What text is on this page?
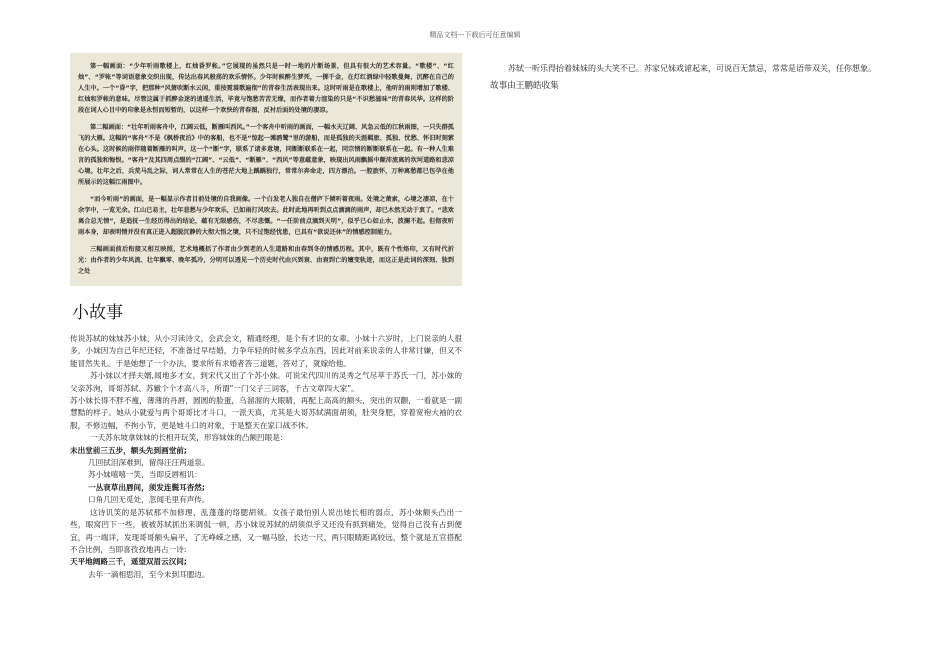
精品文档---下载后可任意编辑

第一幅画面：“少年听雨歌楼上，红烛昏罗帐。”它展现的虽然只是一时一地的片断场景，但具有很大的艺术容量。“歌楼”、“红烛”、“罗帐”等词语意象交织出现，传达出春风般荡的欢乐情怀。少年时候醉生梦死，一掷千金，在灯红酒绿中轻歌曼舞，沉醉在自己的人生中。一个“昏”字，把那种“风箫吹断水云闲，重按霓裳歌遍彻”的青春生活表现出来。这时听雨是在歌楼上，他听的雨则增加了歌楼、红烛和罗帐的意味。尽管这属于抓醉金迷的逍遥生活，毕竟与饱愁苦苦无缘，而作者着力渲染的只是“不识愁滋味”的青春风华。这样的阶段在词人心目中的印象是永恒而短暂的，以这样一个欢快的青春图，反衬后面的处境的凄凉。

第二幅画面：“壮年听雨客舟中，江阔云低，断雁叫西风。”一个客舟中听雨的画面，一幅水天辽阔、风急云低的江秋雨图，一只失群孤飞的大雁。这幅的“客舟”不是《枫桥夜泊》中的客船，也不是“惊起一滩鸥鹭”里的游船，而是孤独的天涯羁旅、孤独、忧愁、怀旧时刻萦在心头。这时候的雨伴随着断雁的叫声。这一个“断”字，联系了诸多意境，同断断联系在一起，同宗情的断断联系在一起。有一种人生难言的孤独和悔恨。“客舟”及其四周点缀的“江阔”、“云低”、“断雁”、“西风”等意蕴意象，映现出风雨飘摇中颠沛流离的坎坷道路和悲凉心境。壮年之后，兵荒马乱之际，词人常常在人生的苍茫大地上踽踽独行，常常尔奔命走，四方漂泊。一腔旅怀，万种离愁都已包孕在他所展示的这幅江雨图中。

“而今听雨”的画面，是一幅显示作者目前处境的自我画像。一个白发老人独自在僧庐下倾听着夜雨。处境之萧索，心境之凄凉，在十余字中，一览无余。江山已易主，壮年悲愁与少年欢乐，已如雨打风吹去。此时此地再听到点点滴滴的雨声，却已木然无动于衷了。“悲欢离合总无情”，是追抚一生经历得出的结论，蕴有无限感伤，不尽悲慨。“一任阶前点滴到天明”，似乎已心如止水，波澜不起。但彻夜听雨本身，却表明情并没有真正进入超脱沉静的大彻大悟之境，只不过饱经忧患，已具有“欲说还休”的情感控制能力。

三幅画面前后衔接又相互映照，艺术地概括了作者由少到老的人生道路和由春到冬的情感历程。其中，既有个性烙印，又有时代折光：由作者的少年风流、壮年飘零、晚年孤冷，分明可以透见一个历史时代由兴到衰、由衰到亡的嬗变轨迹，而这正是此词的深刻、独到之处

小故事

传说苏轼的妹妹苏小妹，从小习读诗文，会武会文，精通经理，是个有才识的女辈。小妹十六岁时，上门说亲的人很多，小妹因为自己年纪还轻，不准备过早结婚，力争年轻的时候多学点东西，因此对前来说亲的人非常讨嫌，但又不能冒然失礼。于是她想了一个办法，要求所有求婚者答三道题，答对了，就嫁给他。

苏小妹以才择夫婿,闻地多才女，到宋代又出了个苏小妹。可说宋代四川的灵秀之气尽萃于苏氏一门，苏小妹的父亲苏洵，哥哥苏轼、苏辙个个才高八斗，所谓“一门父子三词客，千古文章四大家”。

苏小妹长得不胖不瘦，薄薄的丹唇，圆圆的脸蛋，乌溜溜的大眼睛，再配上高高的额头，突出的双颧，一看就是一副慧黠的样子。她从小就爱与两个哥哥比才斗口，一派天真，尤其是大哥苏轼满面胡须，肚突身肥，穿着宽袍大袖的衣服，不修边幅，不拘小节，更是她斗口的对象，于是整天在家口战不休。

一天苏东坡拿妹妹的长相开玩笑，形容妹妹的凸额凹眼是：

未出堂前三五步，额头先到画堂前;

几回拭泪深难到，留得汪汪两道泉。

苏小妹嘻嘻一笑，当即反唇相讥：

一丛衰草出唇间，须发连鬓耳杳然;

口角几回无觅处，忽闻毛里有声传。

这诗讥笑的是苏轼那不加修理、乱蓬蓬的络腮胡须。女孩子最怕别人说出她长相的弱点，苏小妹额头凸出一些，眼窝凹下一些，被被苏轼抓出来调侃一顿，苏小妹说苏轼的胡须似乎又还没有抓到痛处，觉得自己没有占到便宜，再一端详，发现哥哥额头扁平，了无峥嵘之感，又一幅马脸，长达一尺，两只眼睛距离较远，整个就是五官搭配不合比例，当即喜孜孜地再占一诗:

天平地阔路三千，遥望双眉云汉间;

去年一滴相思泪，至今未到耳腮边。

苏轼一听乐得抬着妹妹的头大笑不已。苏家兄妹戏谑起来，可说百无禁忌，常常是语带双关，任你想象。

故事由王鹏皓收集
